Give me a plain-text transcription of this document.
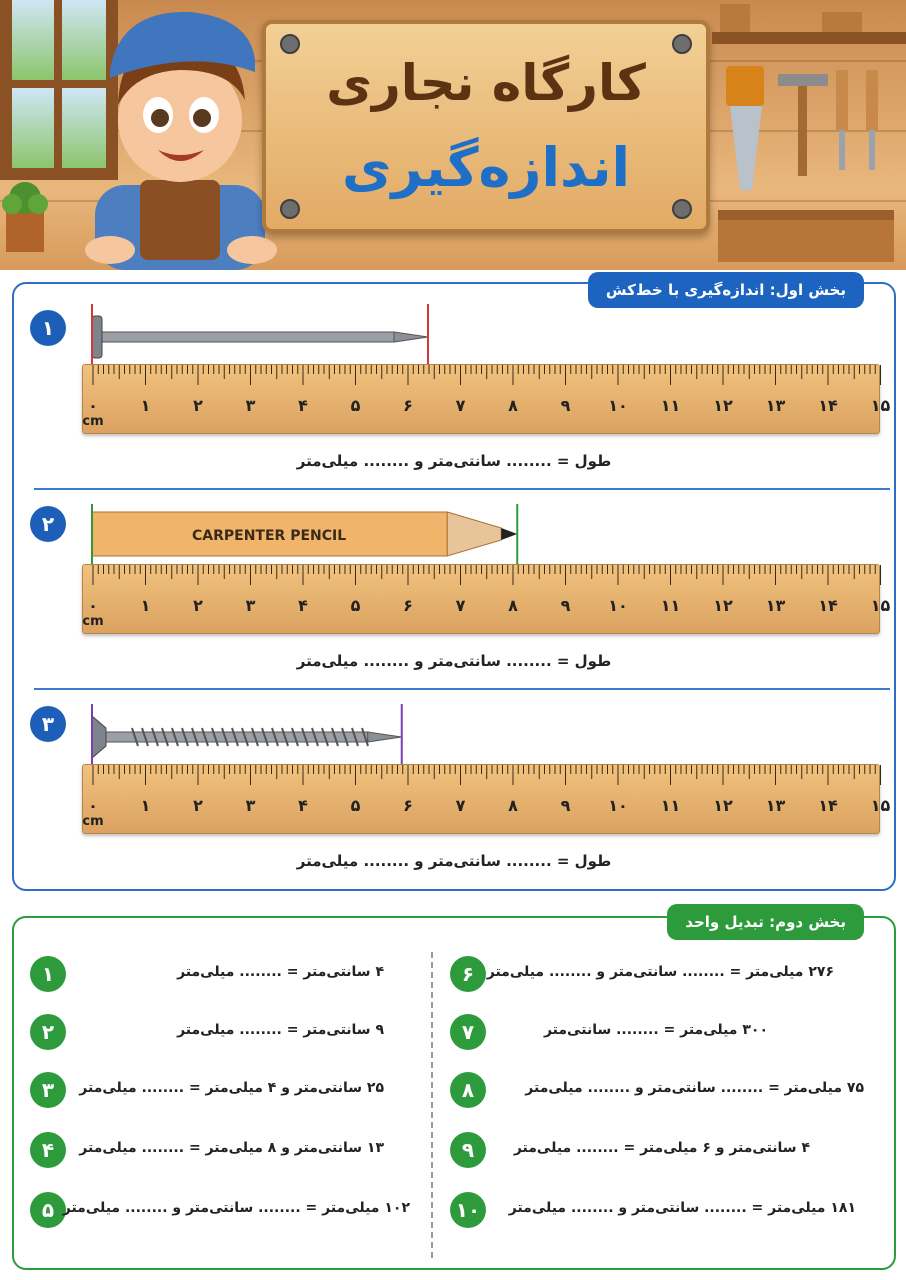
کارگاه نجاری
اندازه‌گیری
بخش اول: اندازه‌گیری با خط‌کش
۱
۰	۱	۲	۳	۴	۵	۶	۷	۸	۹ ۱۰ ۱۱ ۱۲ ۱۳ ۱۴ ۱۵
cm
طول = ........ سانتی‌متر و ........ میلی‌متر
۲	CARPENTER PENCIL
۰	۱	۲	۳	۴	۵	۶	۷	۸	۹ ۱۰ ۱۱ ۱۲ ۱۳ ۱۴ ۱۵
cm
طول = ........ سانتی‌متر و ........ میلی‌متر
۳
۰	۱	۲	۳	۴	۵	۶	۷	۸	۹ ۱۰ ۱۱ ۱۲ ۱۳ ۱۴ ۱۵
cm
طول = ........ سانتی‌متر و ........ میلی‌متر
بخش دوم: تبدیل واحد
۱	۴ سانتی‌متر = ........ میلی‌متر
۲	۹ سانتی‌متر = ........ میلی‌متر
۳	۲۵ سانتی‌متر و ۴ میلی‌متر = ........ میلی‌متر
۴	۱۳ سانتی‌متر و ۸ میلی‌متر = ........ میلی‌متر
۵ ۱۰۲ میلی‌متر = ........ سانتی‌متر و ........ میلی‌متر
۶ ۲۷۶ میلی‌متر = ........ سانتی‌متر و ........ میلی‌متر
۷	۳۰۰ میلی‌متر = ........ سانتی‌متر
۸	۷۵ میلی‌متر = ........ سانتی‌متر و ........ میلی‌متر
۹	۴ سانتی‌متر و ۶ میلی‌متر = ........ میلی‌متر
۱۰	۱۸۱ میلی‌متر = ........ سانتی‌متر و ........ میلی‌متر
